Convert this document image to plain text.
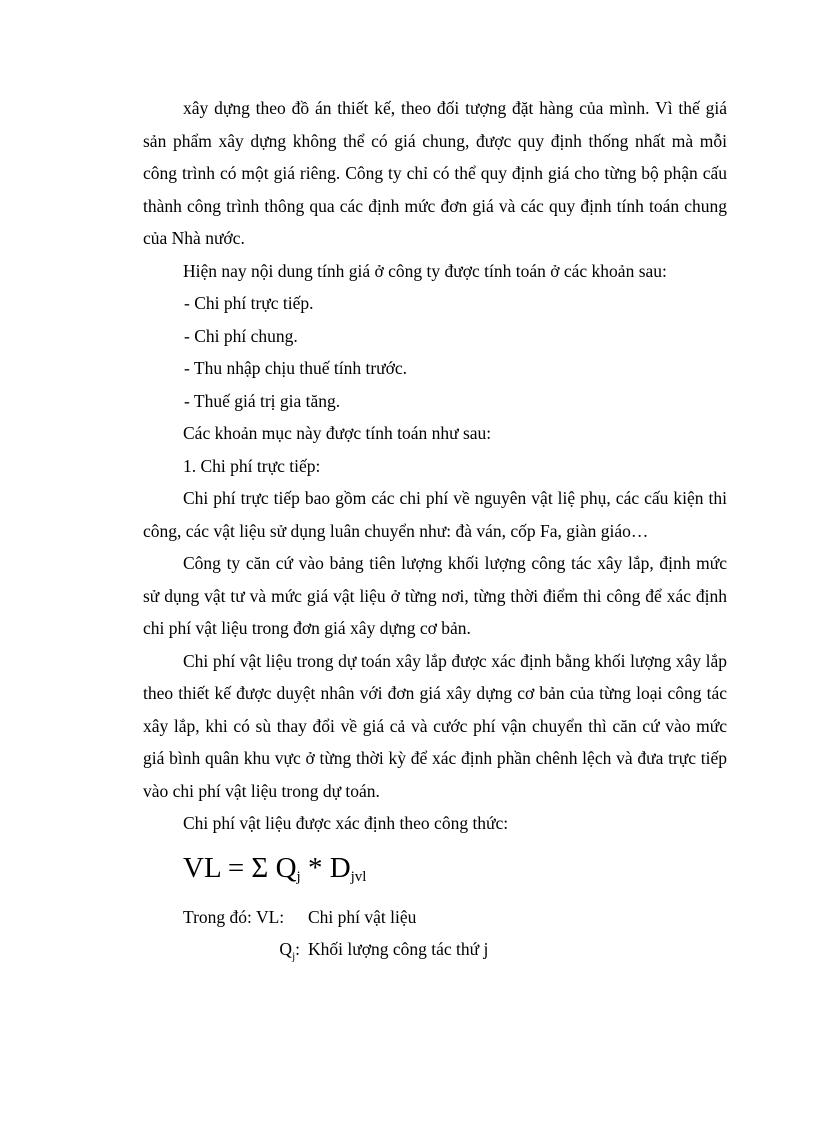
xây dựng theo đồ án thiết kế, theo đối tượng đặt hàng của mình. Vì thế giá sản phẩm xây dựng không thể có giá chung, được quy định thống nhất mà mỗi công trình có một giá riêng. Công ty chỉ có thể quy định giá cho từng bộ phận cấu thành công trình thông qua các định mức đơn giá và các quy định tính toán chung của Nhà nước.

Hiện nay nội dung tính giá ở công ty được tính toán ở các khoản sau:

- Chi phí trực tiếp.

- Chi phí chung.

- Thu nhập chịu thuế tính trước.

- Thuế giá trị gia tăng.

Các khoản mục này được tính toán như sau:

1. Chi phí trực tiếp:

Chi phí trực tiếp bao gồm các chi phí về nguyên vật liệ phụ, các cấu kiện thi công, các vật liệu sử dụng luân chuyển như: đà ván, cốp Fa, giàn giáo…

Công ty căn cứ vào bảng tiên lượng khối lượng công tác xây lắp, định mức sử dụng vật tư và mức giá vật liệu ở từng nơi, từng thời điểm thi công để xác định chi phí vật liệu trong đơn giá xây dựng cơ bản.

Chi phí vật liệu trong dự toán xây lắp được xác định bằng khối lượng xây lắp theo thiết kế được duyệt nhân với đơn giá xây dựng cơ bản của từng loại công tác xây lắp, khi có sù thay đổi về giá cả và cước phí vận chuyển thì căn cứ vào mức giá bình quân khu vực ở từng thời kỳ để xác định phần chênh lệch và đưa trực tiếp vào chi phí vật liệu trong dự toán.

Chi phí vật liệu được xác định theo công thức:

VL = Σ $Q_j * D_{jvl}$
Trong đó: VL:	Chi phí vật liệu
$Q_j$: Khối lượng công tác thứ j
